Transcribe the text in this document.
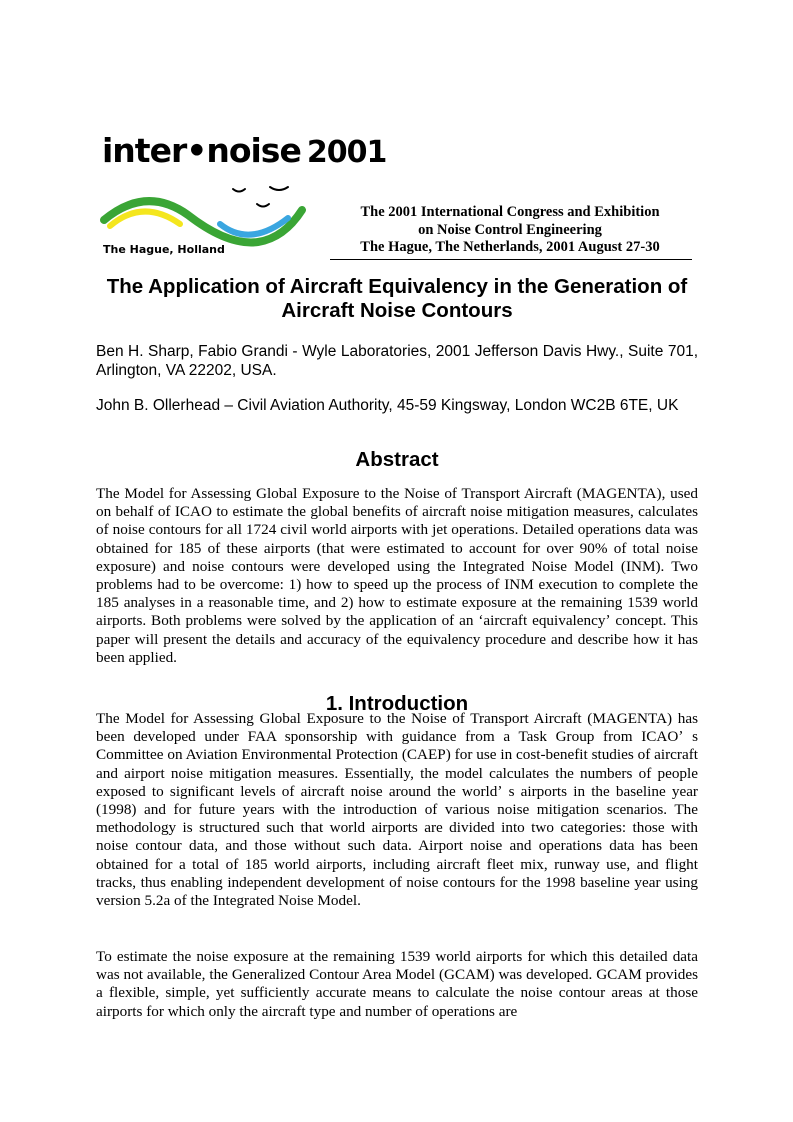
inter•noise 2001
The Hague, Holland
The 2001 International Congress and Exhibition
on Noise Control Engineering
The Hague, The Netherlands, 2001 August 27-30
The Application of Aircraft Equivalency in the Generation of Aircraft Noise Contours
Ben H. Sharp, Fabio Grandi - Wyle Laboratories, 2001 Jefferson Davis Hwy., Suite 701, Arlington, VA 22202, USA.
John B. Ollerhead – Civil Aviation Authority, 45-59 Kingsway, London WC2B 6TE, UK
Abstract
The Model for Assessing Global Exposure to the Noise of Transport Aircraft (MAGENTA), used on behalf of ICAO to estimate the global benefits of aircraft noise mitigation measures, calculates of noise contours for all 1724 civil world airports with jet operations. Detailed operations data was obtained for 185 of these airports (that were estimated to account for over 90% of total noise exposure) and noise contours were developed using the Integrated Noise Model (INM). Two problems had to be overcome: 1) how to speed up the process of INM execution to complete the 185 analyses in a reasonable time, and 2) how to estimate exposure at the remaining 1539 world airports. Both problems were solved by the application of an ʻaircraft equivalencyʼ concept. This paper will present the details and accuracy of the equivalency procedure and describe how it has been applied.
1. Introduction
The Model for Assessing Global Exposure to the Noise of Transport Aircraft (MAGENTA) has been developed under FAA sponsorship with guidance from a Task Group from ICAOʼ s Committee on Aviation Environmental Protection (CAEP) for use in cost-benefit studies of aircraft and airport noise mitigation measures. Essentially, the model calculates the numbers of people exposed to significant levels of aircraft noise around the worldʼ s airports in the baseline year (1998) and for future years with the introduction of various noise mitigation scenarios. The methodology is structured such that world airports are divided into two categories: those with noise contour data, and those without such data. Airport noise and operations data has been obtained for a total of 185 world airports, including aircraft fleet mix, runway use, and flight tracks, thus enabling independent development of noise contours for the 1998 baseline year using version 5.2a of the Integrated Noise Model.
To estimate the noise exposure at the remaining 1539 world airports for which this detailed data was not available, the Generalized Contour Area Model (GCAM) was developed. GCAM provides a flexible, simple, yet sufficiently accurate means to calculate the noise contour areas at those airports for which only the aircraft type and number of operations are
